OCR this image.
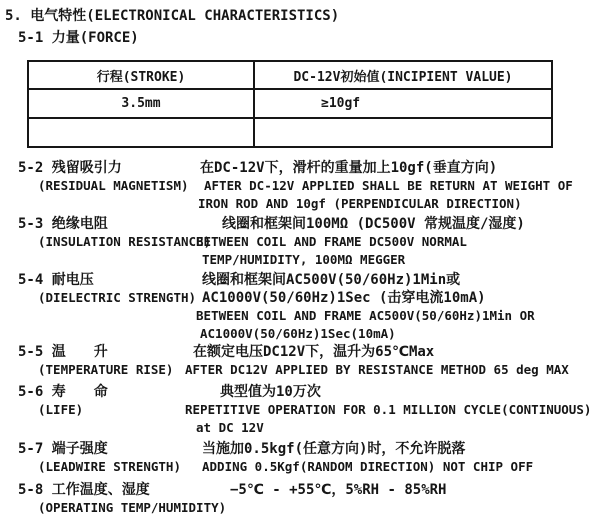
5. 电气特性(ELECTRONICAL CHARACTERISTICS)
5-1 力量(FORCE)
行程(STROKE)	DC-12V初始值(INCIPIENT VALUE)
3.5mm	≥10gf
5-2 残留吸引力
(RESIDUAL MAGNETISM)
在DC-12V下，滑杆的重量加上10gf(垂直方向)
AFTER DC-12V APPLIED SHALL BE RETURN AT WEIGHT OF
IRON ROD AND 10gf (PERPENDICULAR DIRECTION)
5-3 绝缘电阻
(INSULATION RESISTANCE)
线圈和框架间100MΩ (DC500V 常规温度/湿度)
BETWEEN COIL AND FRAME DC500V NORMAL
TEMP/HUMIDITY, 100MΩ MEGGER
5-4 耐电压
(DIELECTRIC STRENGTH)
线圈和框架间AC500V(50/60Hz)1Min或
AC1000V(50/60Hz)1Sec (击穿电流10mA)
BETWEEN COIL AND FRAME AC500V(50/60Hz)1Min OR
AC1000V(50/60Hz)1Sec(10mA)
5-5 温　　升
(TEMPERATURE RISE)
在额定电压DC12V下，温升为65℃Max
AFTER DC12V APPLIED BY RESISTANCE METHOD 65 deg MAX
5-6 寿　　命
(LIFE)
典型值为10万次
REPETITIVE OPERATION FOR 0.1 MILLION CYCLE(CONTINUOUS)
at DC 12V
5-7 端子强度
(LEADWIRE STRENGTH)
当施加0.5kgf(任意方向)时，不允许脱落
ADDING 0.5Kgf(RANDOM DIRECTION) NOT CHIP OFF
5-8 工作温度、湿度
(OPERATING TEMP/HUMIDITY)
−5℃ - +55℃，5%RH - 85%RH
